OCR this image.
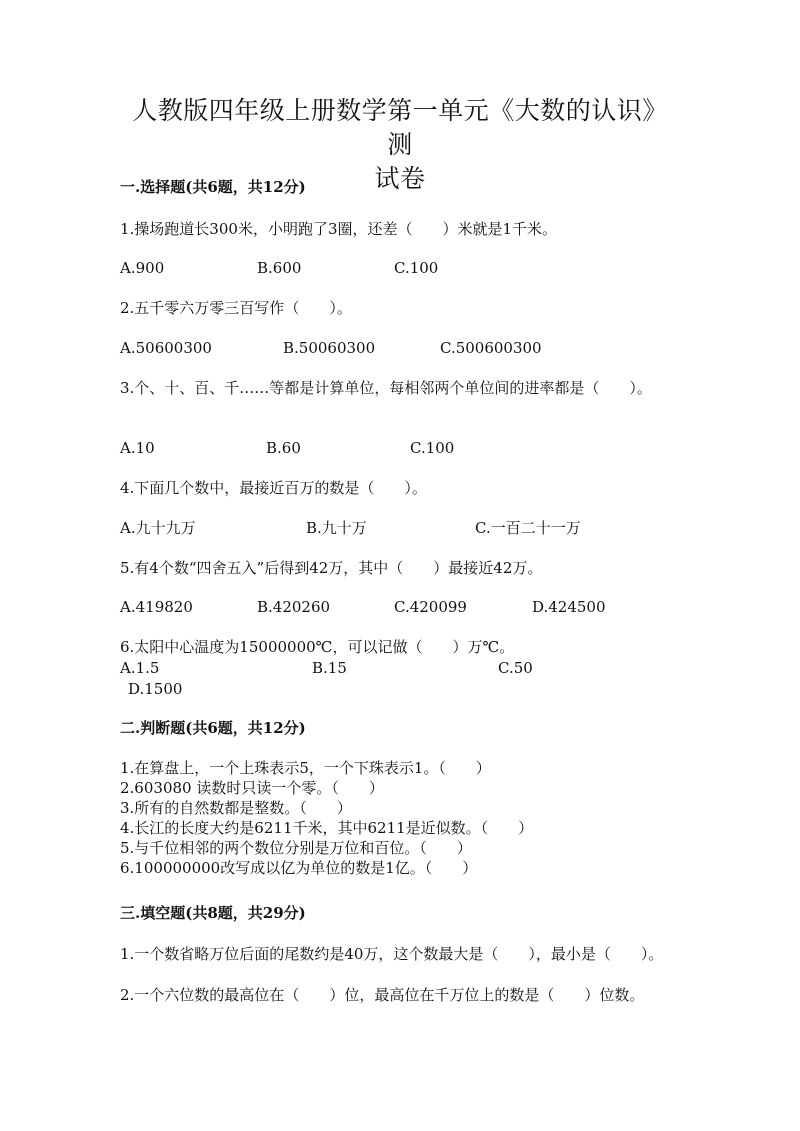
人教版四年级上册数学第一单元《大数的认识》测
试卷
一.选择题(共6题，共12分)
1.操场跑道长300米，小明跑了3圈，还差（　　）米就是1千米。
A.900	B.600	C.100
2.五千零六万零三百写作（　　）。
A.50600300	B.50060300	C.500600300
3.个、十、百、千……等都是计算单位，每相邻两个单位间的进率都是（　　）。
A.10	B.60	C.100
4.下面几个数中，最接近百万的数是（　　）。
A.九十九万	B.九十万	C.一百二十一万
5.有4个数“四舍五入”后得到42万，其中（　　）最接近42万。
A.419820	B.420260	C.420099	D.424500
6.太阳中心温度为15000000℃，可以记做（　　）万℃。
A.1.5	B.15	C.50
D.1500
二.判断题(共6题，共12分)
1.在算盘上，一个上珠表示5，一个下珠表示1。（　　）
2.603080 读数时只读一个零。（　　）
3.所有的自然数都是整数。（　　）
4.长江的长度大约是6211千米，其中6211是近似数。（　　）
5.与千位相邻的两个数位分别是万位和百位。（　　）
6.100000000改写成以亿为单位的数是1亿。（　　）
三.填空题(共8题，共29分)
1.一个数省略万位后面的尾数约是40万，这个数最大是（　　），最小是（　　）。
2.一个六位数的最高位在（　　）位，最高位在千万位上的数是（　　）位数。
